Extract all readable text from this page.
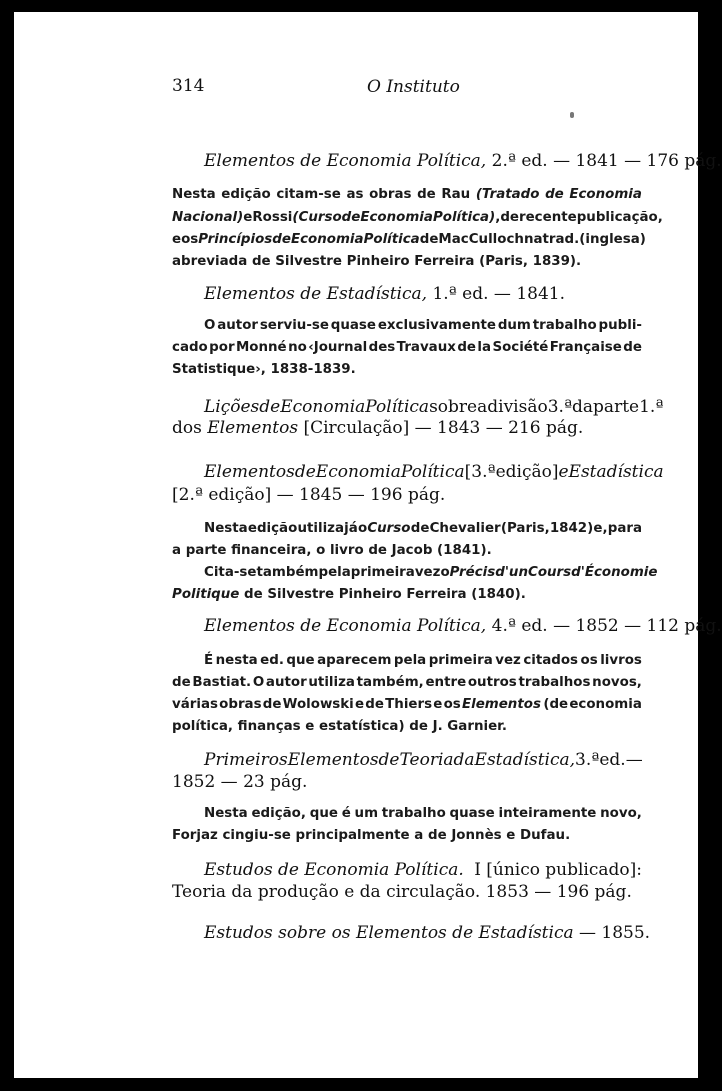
314	O Instituto
Elementos de Economia Política, 2.ª ed. — 1841 — 176 pág.
Nesta edição citam-se as obras de Rau (Tratado de Economia
Nacional) e Rossi (Curso de Economia Política) , de recente publicação,
e os Princípios de Economia Política de Mac Culloch na trad. (inglesa)
abreviada de Silvestre Pinheiro Ferreira (Paris, 1839).
Elementos de Estadística, 1.ª ed. — 1841.
O autor serviu-se quase exclusivamente dum trabalho publi-
cado por Monné no ‹Journal des Travaux de la Société Française de
Statistique›, 1838-1839.
Lições de Economia Política sobre a divisão 3.ª da parte 1.ª
dos Elementos [Circulação] — 1843 — 216 pág.
Elementos de Economia Política [3.ª edição] e Estadística
[2.ª edição] — 1845 — 196 pág.
Nesta edição utiliza já o Curso de Chevalier (Paris, 1842) e, para
a parte financeira, o livro de Jacob (1841).
Cita-se também pela primeira vez o Précis d'un Cours d'Économie
Politique de Silvestre Pinheiro Ferreira (1840).
Elementos de Economia Política, 4.ª ed. — 1852 — 112 pág.
É nesta ed. que aparecem pela primeira vez citados os livros
de Bastiat. O autor utiliza também, entre outros trabalhos novos,
várias obras de Wolowski e de Thiers e os Elementos (de economia
política, finanças e estatística) de J. Garnier.
Primeiros Elementos de Teoria da Estadística, 3.ª ed. —
1852 — 23 pág.
Nesta edição, que é um trabalho quase inteiramente novo,
Forjaz cingiu-se principalmente a de Jonnès e Dufau.
Estudos de Economia Política. I [único publicado]:
Teoria da produção e da circulação. 1853 — 196 pág.
Estudos sobre os Elementos de Estadística — 1855.
